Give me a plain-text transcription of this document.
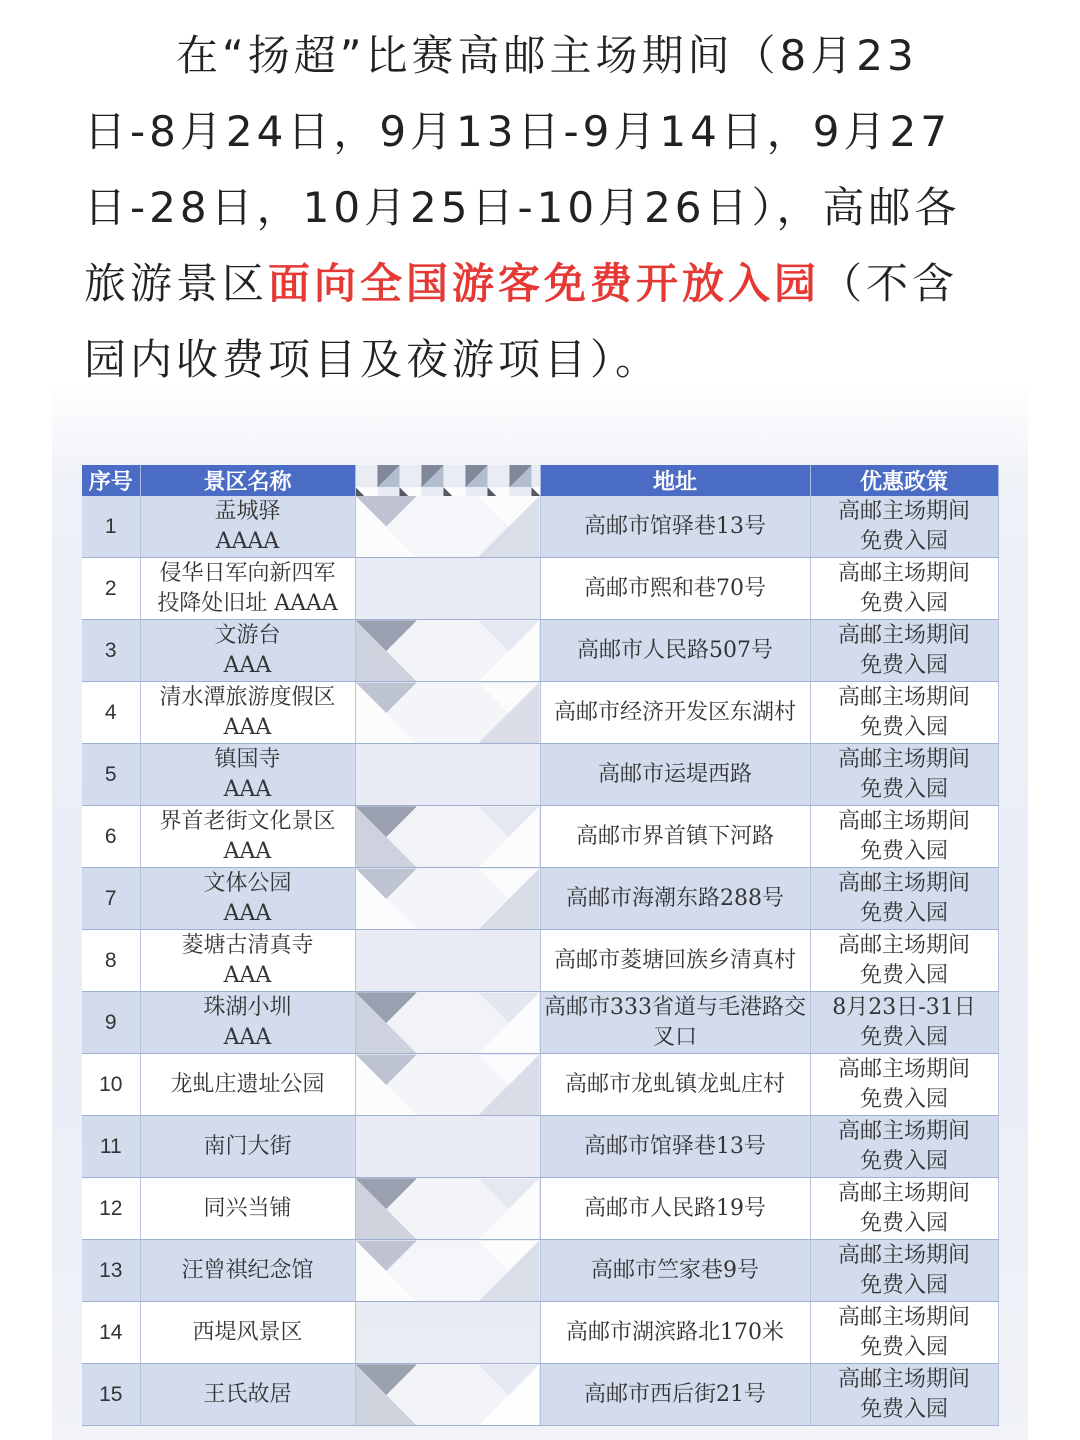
在“扬超”比赛高邮主场期间（8月23日-8月24日，9月13日-9月14日，9月27日-28日，10月25日-10月26日），高邮各旅游景区面向全国游客免费开放入园（不含园内收费项目及夜游项目）。

序号	景区名称		地址	优惠政策
1	盂城驿
AAAA		高邮市馆驿巷13号	高邮主场期间
免费入园
2	侵华日军向新四军
投降处旧址 AAAA		高邮市熙和巷70号	高邮主场期间
免费入园
3	文游台
AAA		高邮市人民路507号	高邮主场期间
免费入园
4	清水潭旅游度假区
AAA		高邮市经济开发区东湖村	高邮主场期间
免费入园
5	镇国寺
AAA		高邮市运堤西路	高邮主场期间
免费入园
6	界首老街文化景区
AAA		高邮市界首镇下河路	高邮主场期间
免费入园
7	文体公园
AAA		高邮市海潮东路288号	高邮主场期间
免费入园
8	菱塘古清真寺
AAA		高邮市菱塘回族乡清真村	高邮主场期间
免费入园
9	珠湖小圳
AAA		高邮市333省道与毛港路交叉口	8月23日-31日
免费入园
10	龙虬庄遗址公园		高邮市龙虬镇龙虬庄村	高邮主场期间
免费入园
11	南门大街		高邮市馆驿巷13号	高邮主场期间
免费入园
12	同兴当铺		高邮市人民路19号	高邮主场期间
免费入园
13	汪曾祺纪念馆		高邮市竺家巷9号	高邮主场期间
免费入园
14	西堤风景区		高邮市湖滨路北170米	高邮主场期间
免费入园
15	王氏故居		高邮市西后街21号	高邮主场期间
免费入园
